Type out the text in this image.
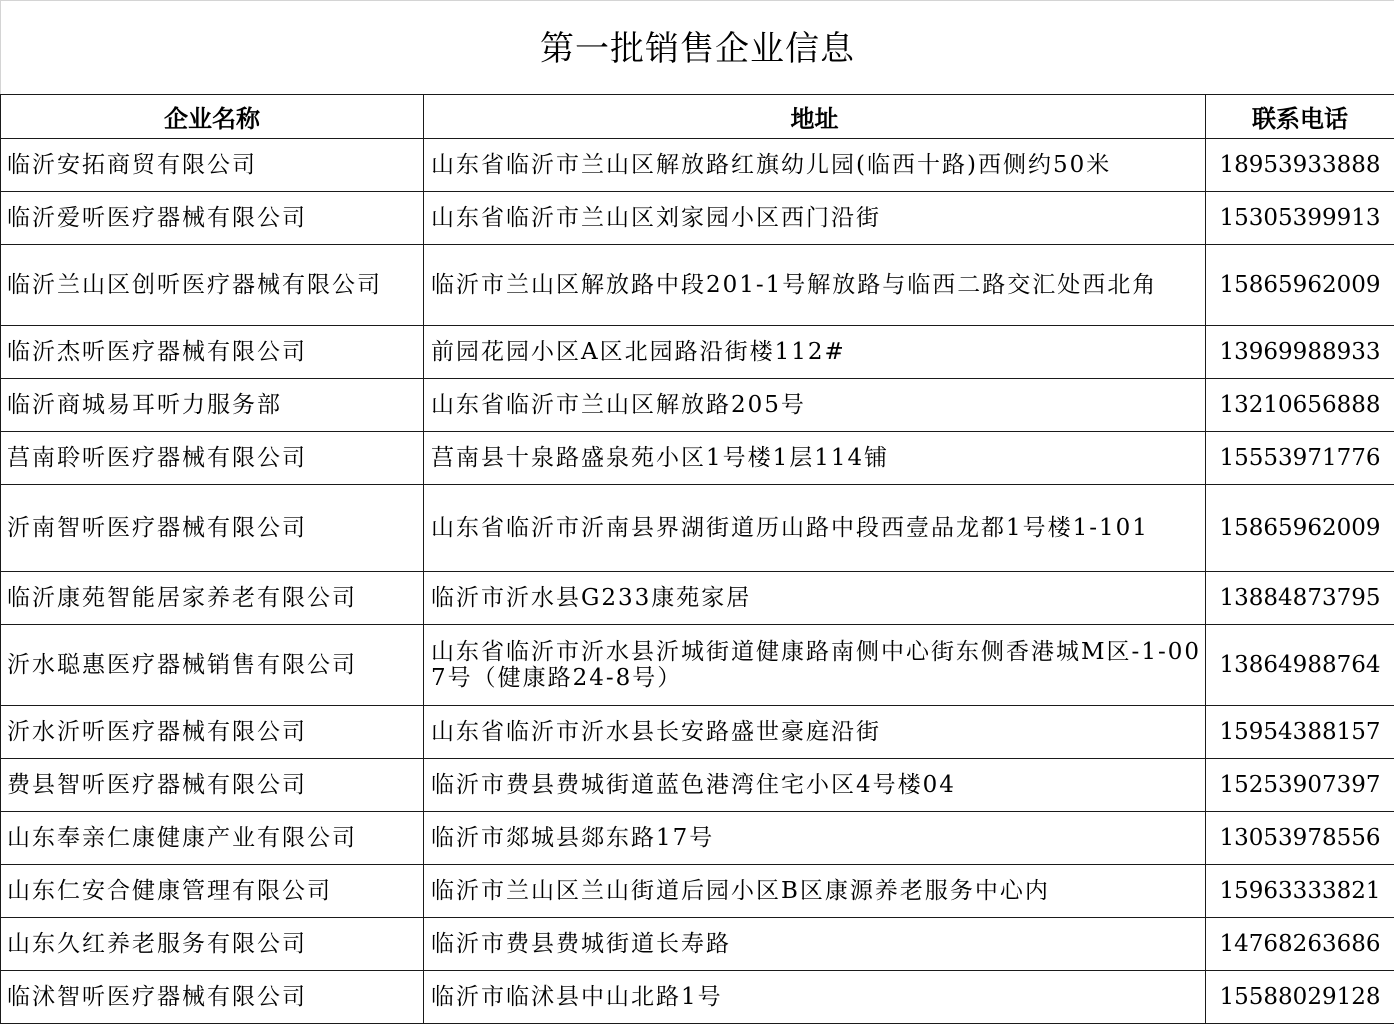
第一批销售企业信息
企业名称	地址	联系电话
临沂安拓商贸有限公司	山东省临沂市兰山区解放路红旗幼儿园(临西十路)西侧约50米	18953933888
临沂爱听医疗器械有限公司	山东省临沂市兰山区刘家园小区西门沿街	15305399913
临沂兰山区创听医疗器械有限公司	临沂市兰山区解放路中段201-1号解放路与临西二路交汇处西北角	15865962009
临沂杰听医疗器械有限公司	前园花园小区A区北园路沿街楼112#	13969988933
临沂商城易耳听力服务部	山东省临沂市兰山区解放路205号	13210656888
莒南聆听医疗器械有限公司	莒南县十泉路盛泉苑小区1号楼1层114铺	15553971776
沂南智听医疗器械有限公司	山东省临沂市沂南县界湖街道历山路中段西壹品龙都1号楼1-101	15865962009
临沂康苑智能居家养老有限公司	临沂市沂水县G233康苑家居	13884873795
沂水聪惠医疗器械销售有限公司	山东省临沂市沂水县沂城街道健康路南侧中心街东侧香港城M区-1-007号（健康路24-8号）	13864988764
沂水沂听医疗器械有限公司	山东省临沂市沂水县长安路盛世豪庭沿街	15954388157
费县智听医疗器械有限公司	临沂市费县费城街道蓝色港湾住宅小区4号楼04	15253907397
山东奉亲仁康健康产业有限公司	临沂市郯城县郯东路17号	13053978556
山东仁安合健康管理有限公司	临沂市兰山区兰山街道后园小区B区康源养老服务中心内	15963333821
山东久红养老服务有限公司	临沂市费县费城街道长寿路	14768263686
临沭智听医疗器械有限公司	临沂市临沭县中山北路1号	15588029128
